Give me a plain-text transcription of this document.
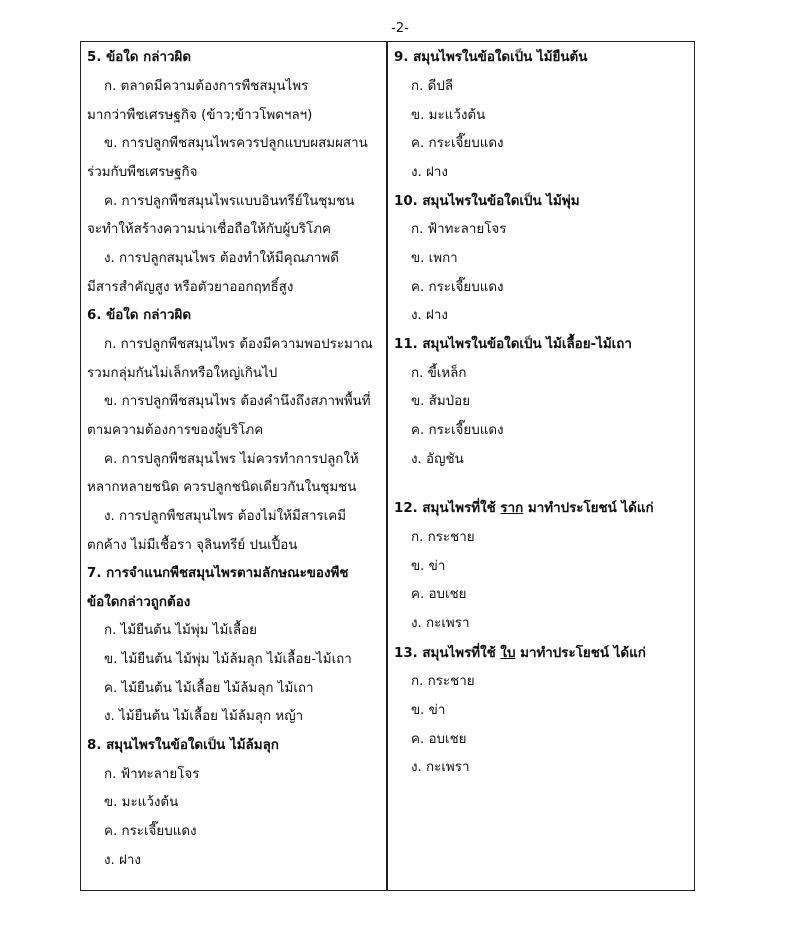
-2-
5. ข้อใด กล่าวผิด
ก. ตลาดมีความต้องการพืชสมุนไพร
มากว่าพืชเศรษฐกิจ (ข้าว;ข้าวโพดฯลฯ)
ข. การปลูกพืชสมุนไพรควรปลูกแบบผสมผสาน
ร่วมกับพืชเศรษฐกิจ
ค. การปลูกพืชสมุนไพรแบบอินทรีย์ในชุมชน
จะทำให้สร้างความน่าเชื่อถือให้กับผู้บริโภค
ง. การปลูกสมุนไพร ต้องทำให้มีคุณภาพดี
มีสารสำคัญสูง หรือตัวยาออกฤทธิ์สูง
6. ข้อใด กล่าวผิด
ก. การปลูกพืชสมุนไพร ต้องมีความพอประมาณ
รวมกลุ่มกันไม่เล็กหรือใหญ่เกินไป
ข. การปลูกพืชสมุนไพร ต้องคำนึงถึงสภาพพื้นที่
ตามความต้องการของผู้บริโภค
ค. การปลูกพืชสมุนไพร ไม่ควรทำการปลูกให้
หลากหลายชนิด ควรปลูกชนิดเดียวกันในชุมชน
ง. การปลูกพืชสมุนไพร ต้องไม่ให้มีสารเคมี
ตกค้าง ไม่มีเชื้อรา จุลินทรีย์ ปนเปื้อน
7. การจำแนกพืชสมุนไพรตามลักษณะของพืช
ข้อใดกล่าวถูกต้อง
ก. ไม้ยืนต้น ไม้พุ่ม ไม้เลื้อย
ข. ไม้ยืนต้น ไม้พุ่ม ไม้ล้มลุก ไม้เลื้อย-ไม้เถา
ค. ไม้ยืนต้น ไม้เลื้อย ไม้ล้มลุก ไม้เถา
ง. ไม้ยืนต้น ไม้เลื้อย ไม้ล้มลุก หญ้า
8. สมุนไพรในข้อใดเป็น ไม้ล้มลุก
ก. ฟ้าทะลายโจร
ข. มะแว้งต้น
ค. กระเจี๊ยบแดง
ง. ฝาง
9. สมุนไพรในข้อใดเป็น ไม้ยืนต้น
ก. ดีปลี
ข. มะแว้งต้น
ค. กระเจี๊ยบแดง
ง. ฝาง
10. สมุนไพรในข้อใดเป็น ไม้พุ่ม
ก. ฟ้าทะลายโจร
ข. เพกา
ค. กระเจี๊ยบแดง
ง. ฝาง
11. สมุนไพรในข้อใดเป็น ไม้เลื้อย-ไม้เถา
ก. ขี้เหล็ก
ข. ส้มป่อย
ค. กระเจี๊ยบแดง
ง. อัญชัน
12. สมุนไพรที่ใช้ ราก มาทำประโยชน์ ได้แก่
ก. กระชาย
ข. ข่า
ค. อบเชย
ง. กะเพรา
13. สมุนไพรที่ใช้ ใบ มาทำประโยชน์ ได้แก่
ก. กระชาย
ข. ข่า
ค. อบเชย
ง. กะเพรา
